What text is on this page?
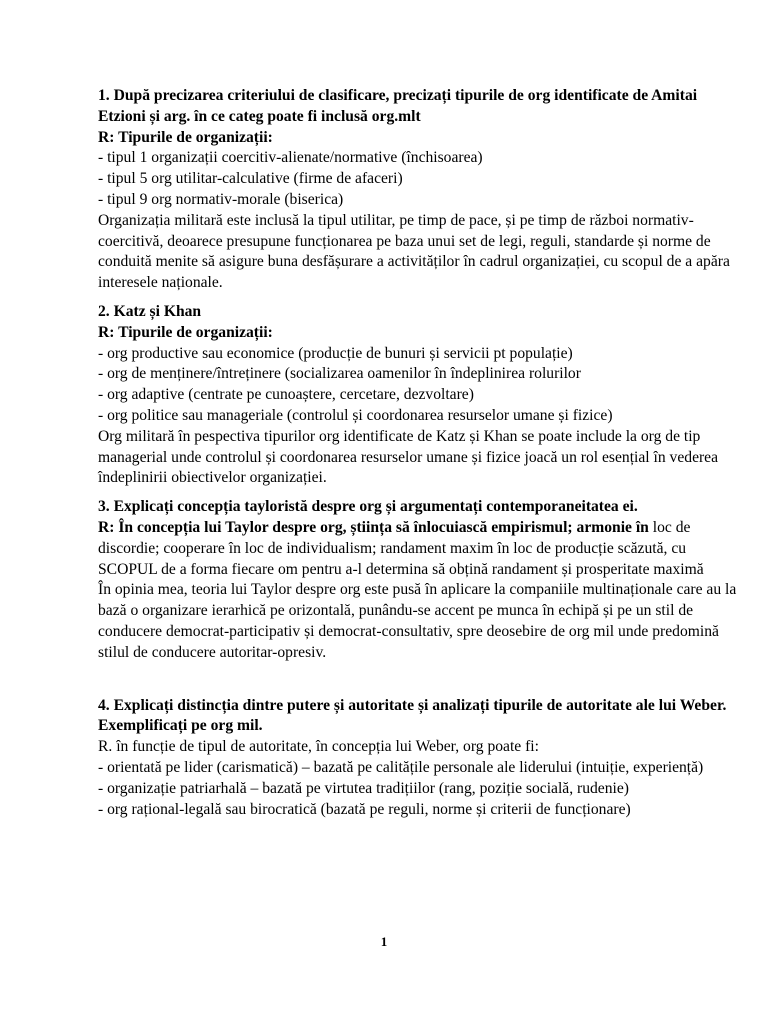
1. După precizarea criteriului de clasificare, precizați tipurile de org identificate de Amitai Etzioni și arg. în ce categ poate fi inclusă org.mlt

R: Tipurile de organizații:

- tipul 1 organizații coercitiv-alienate/normative (închisoarea)

- tipul 5 org utilitar-calculative (firme de afaceri)

- tipul 9 org normativ-morale (biserica)

Organizația militară este inclusă la tipul utilitar, pe timp de pace, și pe timp de război normativ-coercitivă, deoarece presupune funcționarea pe baza unui set de legi, reguli, standarde și norme de conduită menite să asigure buna desfășurare a activităților în cadrul organizației, cu scopul de a apăra interesele naționale.

2. Katz și Khan

R: Tipurile de organizații:

- org productive sau economice (producție de bunuri și servicii pt populație)

- org de menținere/întreținere (socializarea oamenilor în îndeplinirea rolurilor

- org adaptive (centrate pe cunoaștere, cercetare, dezvoltare)

- org politice sau manageriale (controlul și coordonarea resurselor umane și fizice)

Org militară în pespectiva tipurilor org identificate de Katz și Khan se poate include la org de tip managerial unde controlul și coordonarea resurselor umane și fizice joacă un rol esențial în vederea îndeplinirii obiectivelor organizației.

3. Explicați concepția tayloristă despre org și argumentați contemporaneitatea ei.

R: În concepția lui Taylor despre org, știința să înlocuiască empirismul; armonie în loc de discordie; cooperare în loc de individualism; randament maxim în loc de producție scăzută, cu SCOPUL de a forma fiecare om pentru a-l determina să obțină randament și prosperitate maximă

În opinia mea, teoria lui Taylor despre org este pusă în aplicare la companiile multinaționale care au la bază o organizare ierarhică pe orizontală, punându-se accent pe munca în echipă și pe un stil de conducere democrat-participativ și democrat-consultativ, spre deosebire de org mil unde predomină stilul de conducere autoritar-opresiv.

4. Explicați distincția dintre putere și autoritate și analizați tipurile de autoritate ale lui Weber. Exemplificați pe org mil.

R. în funcție de tipul de autoritate, în concepția lui Weber, org poate fi:

- orientată pe lider (carismatică) – bazată pe calitățile personale ale liderului (intuiție, experiență)

- organizație patriarhală – bazată pe virtutea tradițiilor (rang, poziție socială, rudenie)

- org rațional-legală sau birocratică (bazată pe reguli, norme și criterii de funcționare)

1
